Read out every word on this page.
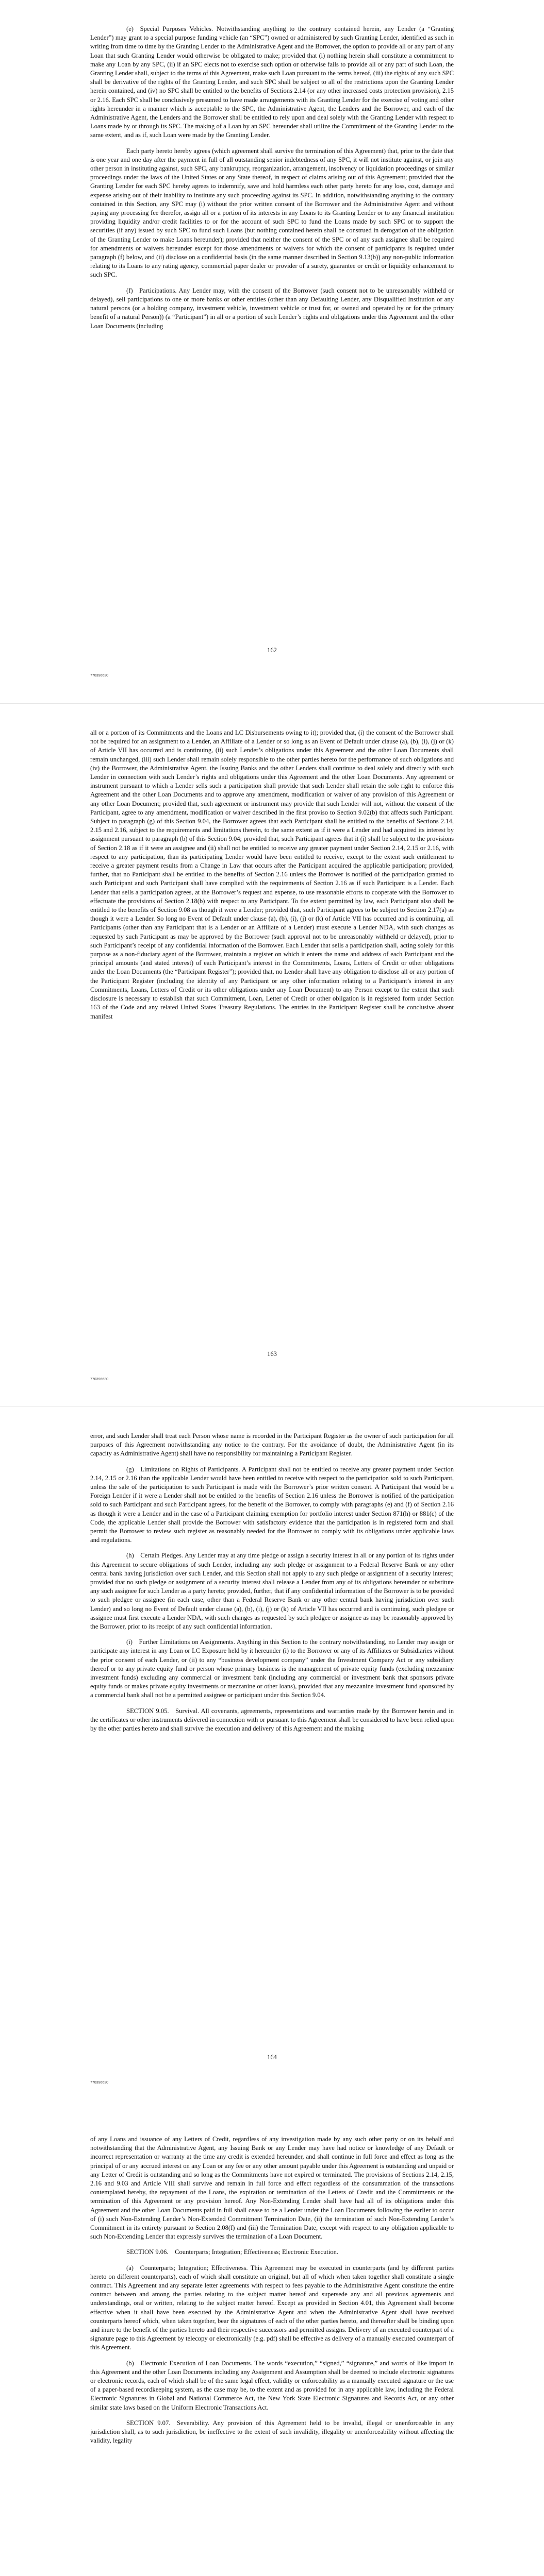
(e) Special Purposes Vehicles. Notwithstanding anything to the contrary contained herein, any Lender (a “Granting Lender”) may grant to a special purpose funding vehicle (an “SPC”) owned or administered by such Granting Lender, identified as such in writing from time to time by the Granting Lender to the Administrative Agent and the Borrower, the option to provide all or any part of any Loan that such Granting Lender would otherwise be obligated to make; provided that (i) nothing herein shall constitute a commitment to make any Loan by any SPC, (ii) if an SPC elects not to exercise such option or otherwise fails to provide all or any part of such Loan, the Granting Lender shall, subject to the terms of this Agreement, make such Loan pursuant to the terms hereof, (iii) the rights of any such SPC shall be derivative of the rights of the Granting Lender, and such SPC shall be subject to all of the restrictions upon the Granting Lender herein contained, and (iv) no SPC shall be entitled to the benefits of Sections 2.14 (or any other increased costs protection provision), 2.15 or 2.16. Each SPC shall be conclusively presumed to have made arrangements with its Granting Lender for the exercise of voting and other rights hereunder in a manner which is acceptable to the SPC, the Administrative Agent, the Lenders and the Borrower, and each of the Administrative Agent, the Lenders and the Borrower shall be entitled to rely upon and deal solely with the Granting Lender with respect to Loans made by or through its SPC. The making of a Loan by an SPC hereunder shall utilize the Commitment of the Granting Lender to the same extent, and as if, such Loan were made by the Granting Lender.

Each party hereto hereby agrees (which agreement shall survive the termination of this Agreement) that, prior to the date that is one year and one day after the payment in full of all outstanding senior indebtedness of any SPC, it will not institute against, or join any other person in instituting against, such SPC, any bankruptcy, reorganization, arrangement, insolvency or liquidation proceedings or similar proceedings under the laws of the United States or any State thereof, in respect of claims arising out of this Agreement; provided that the Granting Lender for each SPC hereby agrees to indemnify, save and hold harmless each other party hereto for any loss, cost, damage and expense arising out of their inability to institute any such proceeding against its SPC. In addition, notwithstanding anything to the contrary contained in this Section, any SPC may (i) without the prior written consent of the Borrower and the Administrative Agent and without paying any processing fee therefor, assign all or a portion of its interests in any Loans to its Granting Lender or to any financial institution providing liquidity and/or credit facilities to or for the account of such SPC to fund the Loans made by such SPC or to support the securities (if any) issued by such SPC to fund such Loans (but nothing contained herein shall be construed in derogation of the obligation of the Granting Lender to make Loans hereunder); provided that neither the consent of the SPC or of any such assignee shall be required for amendments or waivers hereunder except for those amendments or waivers for which the consent of participants is required under paragraph (f) below, and (ii) disclose on a confidential basis (in the same manner described in Section 9.13(b)) any non-public information relating to its Loans to any rating agency, commercial paper dealer or provider of a surety, guarantee or credit or liquidity enhancement to such SPC.

(f) Participations. Any Lender may, with the consent of the Borrower (such consent not to be unreasonably withheld or delayed), sell participations to one or more banks or other entities (other than any Defaulting Lender, any Disqualified Institution or any natural persons (or a holding company, investment vehicle, investment vehicle or trust for, or owned and operated by or for the primary benefit of a natural Person)) (a “Participant”) in all or a portion of such Lender’s rights and obligations under this Agreement and the other Loan Documents (including

162
770396630

all or a portion of its Commitments and the Loans and LC Disbursements owing to it); provided that, (i) the consent of the Borrower shall not be required for an assignment to a Lender, an Affiliate of a Lender or so long as an Event of Default under clause (a), (b), (i), (j) or (k) of Article VII has occurred and is continuing, (ii) such Lender’s obligations under this Agreement and the other Loan Documents shall remain unchanged, (iii) such Lender shall remain solely responsible to the other parties hereto for the performance of such obligations and (iv) the Borrower, the Administrative Agent, the Issuing Banks and the other Lenders shall continue to deal solely and directly with such Lender in connection with such Lender’s rights and obligations under this Agreement and the other Loan Documents. Any agreement or instrument pursuant to which a Lender sells such a participation shall provide that such Lender shall retain the sole right to enforce this Agreement and the other Loan Documents and to approve any amendment, modification or waiver of any provision of this Agreement or any other Loan Document; provided that, such agreement or instrument may provide that such Lender will not, without the consent of the Participant, agree to any amendment, modification or waiver described in the first proviso to Section 9.02(b) that affects such Participant. Subject to paragraph (g) of this Section 9.04, the Borrower agrees that each Participant shall be entitled to the benefits of Sections 2.14, 2.15 and 2.16, subject to the requirements and limitations therein, to the same extent as if it were a Lender and had acquired its interest by assignment pursuant to paragraph (b) of this Section 9.04; provided that, such Participant agrees that it (i) shall be subject to the provisions of Section 2.18 as if it were an assignee and (ii) shall not be entitled to receive any greater payment under Section 2.14, 2.15 or 2.16, with respect to any participation, than its participating Lender would have been entitled to receive, except to the extent such entitlement to receive a greater payment results from a Change in Law that occurs after the Participant acquired the applicable participation; provided, further, that no Participant shall be entitled to the benefits of Section 2.16 unless the Borrower is notified of the participation granted to such Participant and such Participant shall have complied with the requirements of Section 2.16 as if such Participant is a Lender. Each Lender that sells a participation agrees, at the Borrower’s request and expense, to use reasonable efforts to cooperate with the Borrower to effectuate the provisions of Section 2.18(b) with respect to any Participant. To the extent permitted by law, each Participant also shall be entitled to the benefits of Section 9.08 as though it were a Lender; provided that, such Participant agrees to be subject to Section 2.17(a) as though it were a Lender. So long no Event of Default under clause (a), (b), (i), (j) or (k) of Article VII has occurred and is continuing, all Participants (other than any Participant that is a Lender or an Affiliate of a Lender) must execute a Lender NDA, with such changes as requested by such Participant as may be approved by the Borrower (such approval not to be unreasonably withheld or delayed), prior to such Participant’s receipt of any confidential information of the Borrower. Each Lender that sells a participation shall, acting solely for this purpose as a non-fiduciary agent of the Borrower, maintain a register on which it enters the name and address of each Participant and the principal amounts (and stated interest) of each Participant’s interest in the Commitments, Loans, Letters of Credit or other obligations under the Loan Documents (the “Participant Register”); provided that, no Lender shall have any obligation to disclose all or any portion of the Participant Register (including the identity of any Participant or any other information relating to a Participant’s interest in any Commitments, Loans, Letters of Credit or its other obligations under any Loan Document) to any Person except to the extent that such disclosure is necessary to establish that such Commitment, Loan, Letter of Credit or other obligation is in registered form under Section 163 of the Code and any related United States Treasury Regulations. The entries in the Participant Register shall be conclusive absent manifest

163
770396630

error, and such Lender shall treat each Person whose name is recorded in the Participant Register as the owner of such participation for all purposes of this Agreement notwithstanding any notice to the contrary. For the avoidance of doubt, the Administrative Agent (in its capacity as Administrative Agent) shall have no responsibility for maintaining a Participant Register.

(g) Limitations on Rights of Participants. A Participant shall not be entitled to receive any greater payment under Section 2.14, 2.15 or 2.16 than the applicable Lender would have been entitled to receive with respect to the participation sold to such Participant, unless the sale of the participation to such Participant is made with the Borrower’s prior written consent. A Participant that would be a Foreign Lender if it were a Lender shall not be entitled to the benefits of Section 2.16 unless the Borrower is notified of the participation sold to such Participant and such Participant agrees, for the benefit of the Borrower, to comply with paragraphs (e) and (f) of Section 2.16 as though it were a Lender and in the case of a Participant claiming exemption for portfolio interest under Section 871(h) or 881(c) of the Code, the applicable Lender shall provide the Borrower with satisfactory evidence that the participation is in registered form and shall permit the Borrower to review such register as reasonably needed for the Borrower to comply with its obligations under applicable laws and regulations.

(h) Certain Pledges. Any Lender may at any time pledge or assign a security interest in all or any portion of its rights under this Agreement to secure obligations of such Lender, including any such pledge or assignment to a Federal Reserve Bank or any other central bank having jurisdiction over such Lender, and this Section shall not apply to any such pledge or assignment of a security interest; provided that no such pledge or assignment of a security interest shall release a Lender from any of its obligations hereunder or substitute any such assignee for such Lender as a party hereto; provided, further, that if any confidential information of the Borrower is to be provided to such pledgee or assignee (in each case, other than a Federal Reserve Bank or any other central bank having jurisdiction over such Lender) and so long no Event of Default under clause (a), (b), (i), (j) or (k) of Article VII has occurred and is continuing, such pledgee or assignee must first execute a Lender NDA, with such changes as requested by such pledgee or assignee as may be reasonably approved by the Borrower, prior to its receipt of any such confidential information.

(i) Further Limitations on Assignments. Anything in this Section to the contrary notwithstanding, no Lender may assign or participate any interest in any Loan or LC Exposure held by it hereunder (i) to the Borrower or any of its Affiliates or Subsidiaries without the prior consent of each Lender, or (ii) to any “business development company” under the Investment Company Act or any subsidiary thereof or to any private equity fund or person whose primary business is the management of private equity funds (excluding mezzanine investment funds) excluding any commercial or investment bank (including any commercial or investment bank that sponsors private equity funds or makes private equity investments or mezzanine or other loans), provided that any mezzanine investment fund sponsored by a commercial bank shall not be a permitted assignee or participant under this Section 9.04.

SECTION 9.05. Survival. All covenants, agreements, representations and warranties made by the Borrower herein and in the certificates or other instruments delivered in connection with or pursuant to this Agreement shall be considered to have been relied upon by the other parties hereto and shall survive the execution and delivery of this Agreement and the making

164
770396630

of any Loans and issuance of any Letters of Credit, regardless of any investigation made by any such other party or on its behalf and notwithstanding that the Administrative Agent, any Issuing Bank or any Lender may have had notice or knowledge of any Default or incorrect representation or warranty at the time any credit is extended hereunder, and shall continue in full force and effect as long as the principal of or any accrued interest on any Loan or any fee or any other amount payable under this Agreement is outstanding and unpaid or any Letter of Credit is outstanding and so long as the Commitments have not expired or terminated. The provisions of Sections 2.14, 2.15, 2.16 and 9.03 and Article VIII shall survive and remain in full force and effect regardless of the consummation of the transactions contemplated hereby, the repayment of the Loans, the expiration or termination of the Letters of Credit and the Commitments or the termination of this Agreement or any provision hereof. Any Non-Extending Lender shall have had all of its obligations under this Agreement and the other Loan Documents paid in full shall cease to be a Lender under the Loan Documents following the earlier to occur of (i) such Non-Extending Lender’s Non-Extended Commitment Termination Date, (ii) the termination of such Non-Extending Lender’s Commitment in its entirety pursuant to Section 2.08(f) and (iii) the Termination Date, except with respect to any obligation applicable to such Non-Extending Lender that expressly survives the termination of a Loan Document.

SECTION 9.06. Counterparts; Integration; Effectiveness; Electronic Execution.

(a) Counterparts; Integration; Effectiveness. This Agreement may be executed in counterparts (and by different parties hereto on different counterparts), each of which shall constitute an original, but all of which when taken together shall constitute a single contract. This Agreement and any separate letter agreements with respect to fees payable to the Administrative Agent constitute the entire contract between and among the parties relating to the subject matter hereof and supersede any and all previous agreements and understandings, oral or written, relating to the subject matter hereof. Except as provided in Section 4.01, this Agreement shall become effective when it shall have been executed by the Administrative Agent and when the Administrative Agent shall have received counterparts hereof which, when taken together, bear the signatures of each of the other parties hereto, and thereafter shall be binding upon and inure to the benefit of the parties hereto and their respective successors and permitted assigns. Delivery of an executed counterpart of a signature page to this Agreement by telecopy or electronically (e.g. pdf) shall be effective as delivery of a manually executed counterpart of this Agreement.

(b) Electronic Execution of Loan Documents. The words “execution,” “signed,” “signature,” and words of like import in this Agreement and the other Loan Documents including any Assignment and Assumption shall be deemed to include electronic signatures or electronic records, each of which shall be of the same legal effect, validity or enforceability as a manually executed signature or the use of a paper-based recordkeeping system, as the case may be, to the extent and as provided for in any applicable law, including the Federal Electronic Signatures in Global and National Commerce Act, the New York State Electronic Signatures and Records Act, or any other similar state laws based on the Uniform Electronic Transactions Act.

SECTION 9.07. Severability. Any provision of this Agreement held to be invalid, illegal or unenforceable in any jurisdiction shall, as to such jurisdiction, be ineffective to the extent of such invalidity, illegality or unenforceability without affecting the validity, legality
